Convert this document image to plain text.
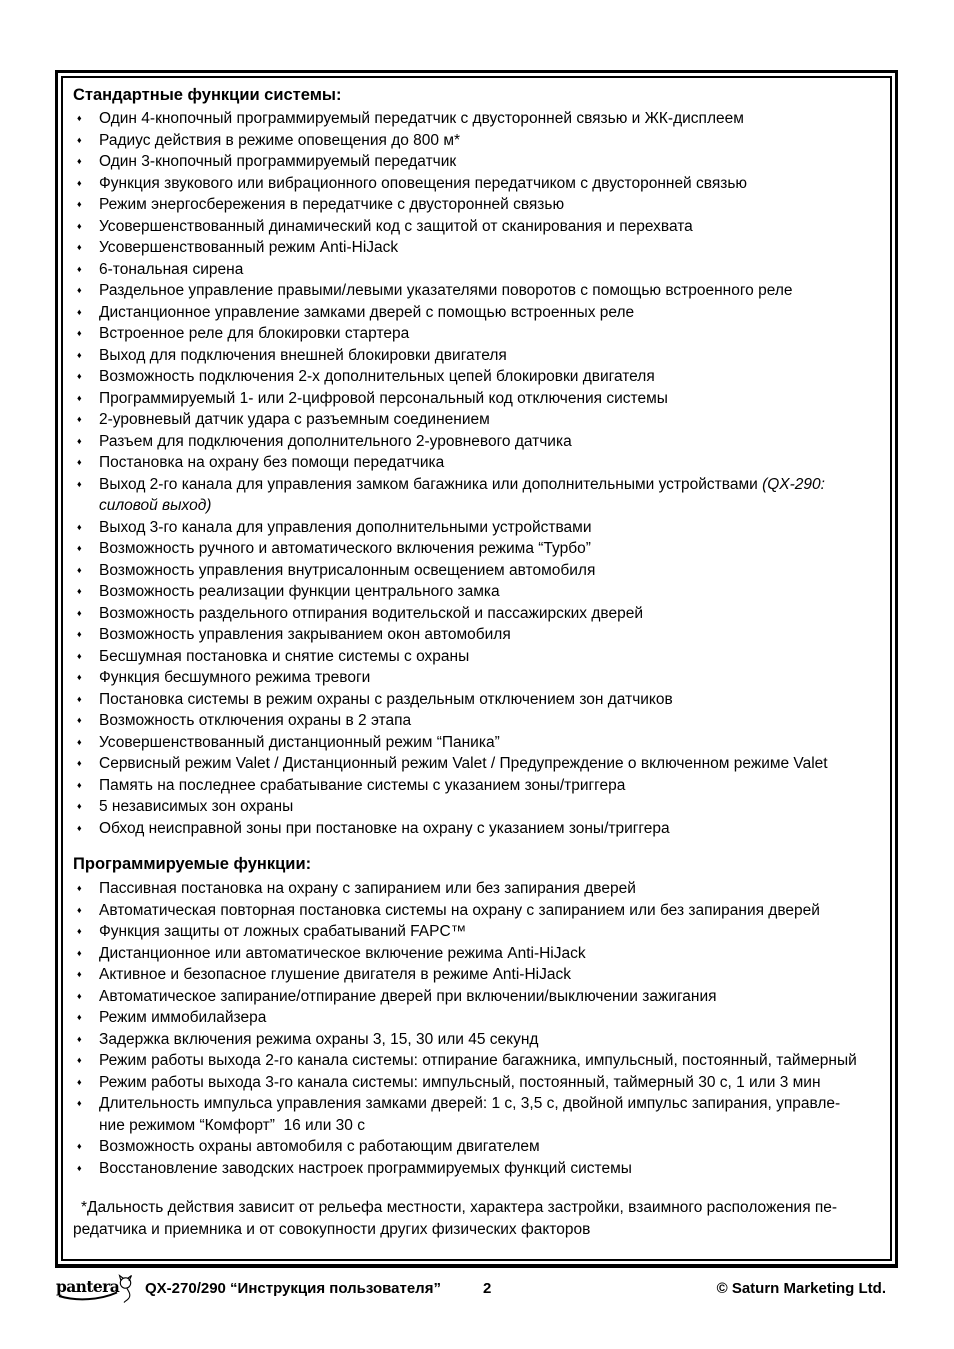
Стандартные функции системы:
♦ Один 4-кнопочный программируемый передатчик с двусторонней связью и ЖК-дисплеем
♦ Радиус действия в режиме оповещения до 800 м*
♦ Один 3-кнопочный программируемый передатчик
♦ Функция звукового или вибрационного оповещения передатчиком с двусторонней связью
♦ Режим энергосбережения в передатчике с двусторонней связью
♦ Усовершенствованный динамический код с защитой от сканирования и перехвата
♦ Усовершенствованный режим Anti-HiJack
♦ 6-тональная сирена
♦ Раздельное управление правыми/левыми указателями поворотов с помощью встроенного реле
♦ Дистанционное управление замками дверей с помощью встроенных реле
♦ Встроенное реле для блокировки стартера
♦ Выход для подключения внешней блокировки двигателя
♦ Возможность подключения 2-х дополнительных цепей блокировки двигателя
♦ Программируемый 1- или 2-цифровой персональный код отключения системы
♦ 2-уровневый датчик удара с разъемным соединением
♦ Разъем для подключения дополнительного 2-уровневого датчика
♦ Постановка на охрану без помощи передатчика
♦ Выход 2-го канала для управления замком багажника или дополнительными устройствами (QX-290:
силовой выход)
♦ Выход 3-го канала для управления дополнительными устройствами
♦ Возможность ручного и автоматического включения режима “Турбо”
♦ Возможность управления внутрисалонным освещением автомобиля
♦ Возможность реализации функции центрального замка
♦ Возможность раздельного отпирания водительской и пассажирских дверей
♦ Возможность управления закрыванием окон автомобиля
♦ Бесшумная постановка и снятие системы с охраны
♦ Функция бесшумного режима тревоги
♦ Постановка системы в режим охраны с раздельным отключением зон датчиков
♦ Возможность отключения охраны в 2 этапа
♦ Усовершенствованный дистанционный режим “Паника”
♦ Сервисный режим Valet / Дистанционный режим Valet / Предупреждение о включенном режиме Valet
♦ Память на последнее срабатывание системы с указанием зоны/триггера
♦ 5 независимых зон охраны
♦ Обход неисправной зоны при постановке на охрану с указанием зоны/триггера
Программируемые функции:
♦ Пассивная постановка на охрану с запиранием или без запирания дверей
♦ Автоматическая повторная постановка системы на охрану с запиранием или без запирания дверей
♦ Функция защиты от ложных срабатываний FAPC™
♦ Дистанционное или автоматическое включение режима Anti-HiJack
♦ Активное и безопасное глушение двигателя в режиме Anti-HiJack
♦ Автоматическое запирание/отпирание дверей при включении/выключении зажигания
♦ Режим иммобилайзера
♦ Задержка включения режима охраны 3, 15, 30 или 45 секунд
♦ Режим работы выхода 2-го канала системы: отпирание багажника, импульсный, постоянный, таймерный
♦ Режим работы выхода 3-го канала системы: импульсный, постоянный, таймерный 30 с, 1 или 3 мин
♦ Длительность импульса управления замками дверей: 1 с, 3,5 с, двойной импульс запирания, управле-
ние режимом “Комфорт”  16 или 30 с
♦ Возможность охраны автомобиля с работающим двигателем
♦ Восстановление заводских настроек программируемых функций системы

*Дальность действия зависит от рельефа местности, характера застройки, взаимного расположения пе-
редатчика и приемника и от совокупности других физических факторов

pantera QX-270/290 “Инструкция пользователя”	2	© Saturn Marketing Ltd.
